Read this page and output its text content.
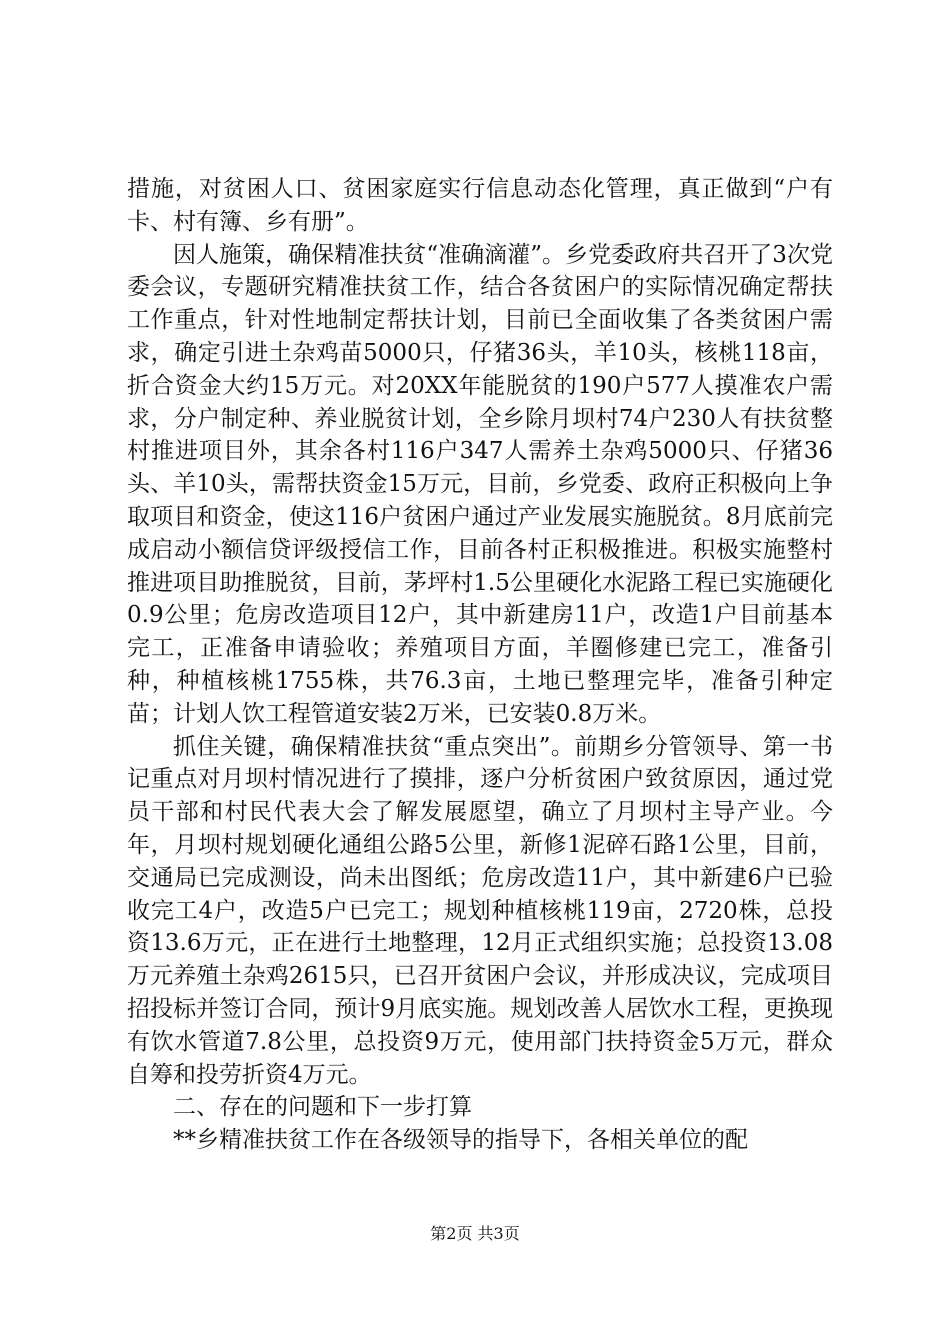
措施，对贫困人口、贫困家庭实行信息动态化管理，真正做到“户有卡、村有簿、乡有册”。

因人施策，确保精准扶贫“准确滴灌”。乡党委政府共召开了3次党委会议，专题研究精准扶贫工作，结合各贫困户的实际情况确定帮扶工作重点，针对性地制定帮扶计划，目前已全面收集了各类贫困户需求，确定引进土杂鸡苗5000只，仔猪36头，羊10头，核桃118亩，折合资金大约15万元。对20XX年能脱贫的190户577人摸准农户需求，分户制定种、养业脱贫计划，全乡除月坝村74户230人有扶贫整村推进项目外，其余各村116户347人需养土杂鸡5000只、仔猪36头、羊10头，需帮扶资金15万元，目前，乡党委、政府正积极向上争取项目和资金，使这116户贫困户通过产业发展实施脱贫。8月底前完成启动小额信贷评级授信工作，目前各村正积极推进。积极实施整村推进项目助推脱贫，目前，茅坪村1.5公里硬化水泥路工程已实施硬化0.9公里；危房改造项目12户，其中新建房11户，改造1户目前基本完工，正准备申请验收；养殖项目方面，羊圈修建已完工，准备引种，种植核桃1755株，共76.3亩，土地已整理完毕，准备引种定苗；计划人饮工程管道安装2万米，已安装0.8万米。

抓住关键，确保精准扶贫“重点突出”。前期乡分管领导、第一书记重点对月坝村情况进行了摸排，逐户分析贫困户致贫原因，通过党员干部和村民代表大会了解发展愿望，确立了月坝村主导产业。今年，月坝村规划硬化通组公路5公里，新修1泥碎石路1公里，目前，交通局已完成测设，尚未出图纸；危房改造11户，其中新建6户已验收完工4户，改造5户已完工；规划种植核桃119亩，2720株，总投资13.6万元，正在进行土地整理，12月正式组织实施；总投资13.08万元养殖土杂鸡2615只，已召开贫困户会议，并形成决议，完成项目招投标并签订合同，预计9月底实施。规划改善人居饮水工程，更换现有饮水管道7.8公里，总投资9万元，使用部门扶持资金5万元，群众自筹和投劳折资4万元。

二、存在的问题和下一步打算

**乡精准扶贫工作在各级领导的指导下，各相关单位的配

第2页 共3页
